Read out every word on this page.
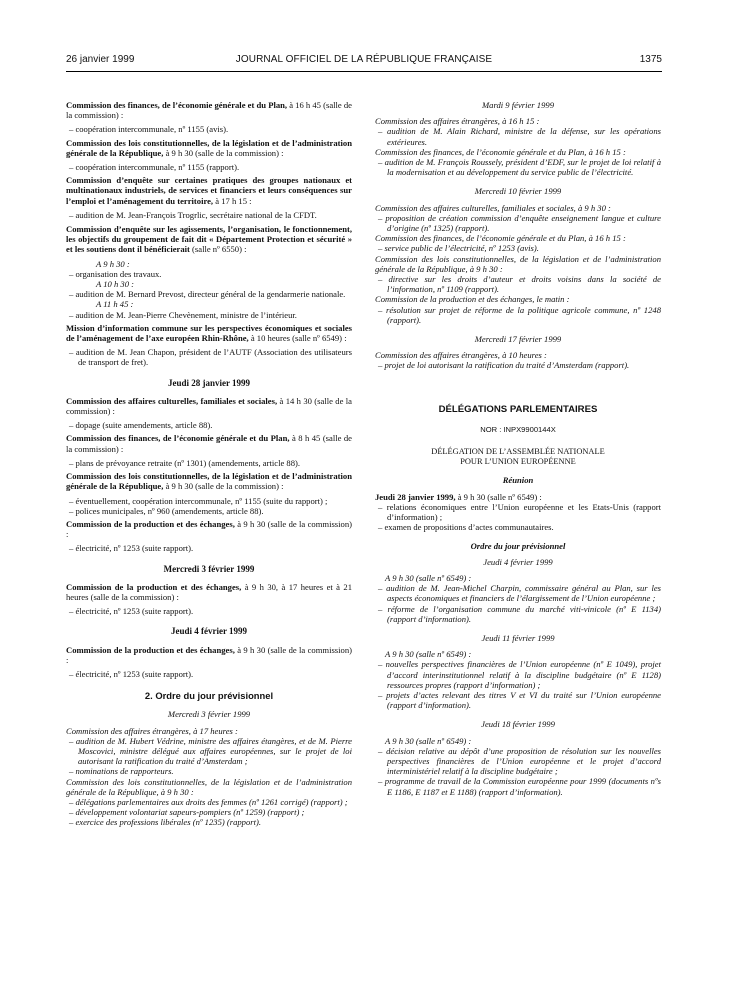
26 janvier 1999	JOURNAL OFFICIEL DE LA RÉPUBLIQUE FRANÇAISE	1375

Commission des finances, de l’économie générale et du Plan, à 16 h 45 (salle de la commission) :

– coopération intercommunale, nº 1155 (avis).

Commission des lois constitutionnelles, de la législation et de l’administration générale de la République, à 9 h 30 (salle de la commission) :

– coopération intercommunale, nº 1155 (rapport).

Commission d’enquête sur certaines pratiques des groupes nationaux et multinationaux industriels, de services et financiers et leurs conséquences sur l’emploi et l’aménagement du territoire, à 17 h 15 :

– audition de M. Jean-François Trogrlic, secrétaire national de la CFDT.

Commission d’enquête sur les agissements, l’organisation, le fonctionnement, les objectifs du groupement de fait dit « Département Protection et sécurité » et les soutiens dont il bénéficierait (salle nº 6550) :

A 9 h 30 :

– organisation des travaux.

A 10 h 30 :

– audition de M. Bernard Prevost, directeur général de la gendarmerie nationale.

A 11 h 45 :

– audition de M. Jean-Pierre Chevènement, ministre de l’intérieur.

Mission d’information commune sur les perspectives économiques et sociales de l’aménagement de l’axe européen Rhin-Rhône, à 10 heures (salle nº 6549) :

– audition de M. Jean Chapon, président de l’AUTF (Association des utilisateurs de transport de fret).

Jeudi 28 janvier 1999

Commission des affaires culturelles, familiales et sociales, à 14 h 30 (salle de la commission) :

– dopage (suite amendements, article 88).

Commission des finances, de l’économie générale et du Plan, à 8 h 45 (salle de la commission) :

– plans de prévoyance retraite (nº 1301) (amendements, article 88).

Commission des lois constitutionnelles, de la législation et de l’administration générale de la République, à 9 h 30 (salle de la commission) :

– éventuellement, coopération intercommunale, nº 1155 (suite du rapport) ;

– polices municipales, nº 960 (amendements, article 88).

Commission de la production et des échanges, à 9 h 30 (salle de la commission) :

– électricité, nº 1253 (suite rapport).

Mercredi 3 février 1999

Commission de la production et des échanges, à 9 h 30, à 17 heures et à 21 heures (salle de la commission) :

– électricité, nº 1253 (suite rapport).

Jeudi 4 février 1999

Commission de la production et des échanges, à 9 h 30 (salle de la commission) :

– électricité, nº 1253 (suite rapport).

2. Ordre du jour prévisionnel

Mercredi 3 février 1999

Commission des affaires étrangères, à 17 heures :

– audition de M. Hubert Védrine, ministre des affaires étangères, et de M. Pierre Moscovici, ministre délégué aux affaires européennes, sur le projet de loi autorisant la ratification du traité d’Amsterdam ;

– nominations de rapporteurs.

Commission des lois constitutionnelles, de la législation et de l’administration générale de la République, à 9 h 30 :

– délégations parlementaires aux droits des femmes (nº 1261 corrigé) (rapport) ;

– développement volontariat sapeurs-pompiers (nº 1259) (rapport) ;

– exercice des professions libérales (nº 1235) (rapport).

Mardi 9 février 1999

Commission des affaires étrangères, à 16 h 15 :

– audition de M. Alain Richard, ministre de la défense, sur les opérations extérieures.

Commission des finances, de l’économie générale et du Plan, à 16 h 15 :

– audition de M. François Roussely, président d’EDF, sur le projet de loi relatif à la modernisation et au développement du service public de l’électricité.

Mercredi 10 février 1999

Commission des affaires culturelles, familiales et sociales, à 9 h 30 :

– proposition de création commission d’enquête enseignement langue et culture d’origine (nº 1325) (rapport).

Commission des finances, de l’économie générale et du Plan, à 16 h 15 :

– service public de l’électricité, nº 1253 (avis).

Commission des lois constitutionnelles, de la législation et de l’administration générale de la République, à 9 h 30 :

– directive sur les droits d’auteur et droits voisins dans la société de l’information, nº 1109 (rapport).

Commission de la production et des échanges, le matin :

– résolution sur projet de réforme de la politique agricole commune, nº 1248 (rapport).

Mercredi 17 février 1999

Commission des affaires étrangères, à 10 heures :

– projet de loi autorisant la ratification du traité d’Amsterdam (rapport).

DÉLÉGATIONS PARLEMENTAIRES

NOR : INPX9900144X

DÉLÉGATION DE L’ASSEMBLÉE NATIONALE
POUR L’UNION EUROPÉENNE

Réunion

Jeudi 28 janvier 1999, à 9 h 30 (salle nº 6549) :

– relations économiques entre l’Union européenne et les Etats-Unis (rapport d’information) ;

– examen de propositions d’actes communautaires.

Ordre du jour prévisionnel

Jeudi 4 février 1999

A 9 h 30 (salle nº 6549) :

– audition de M. Jean-Michel Charpin, commissaire général au Plan, sur les aspects économiques et financiers de l’élargissement de l’Union européenne ;

– réforme de l’organisation commune du marché viti-vinicole (nº E 1134) (rapport d’information).

Jeudi 11 février 1999

A 9 h 30 (salle nº 6549) :

– nouvelles perspectives financières de l’Union européenne (nº E 1049), projet d’accord interinstitutionnel relatif à la discipline budgétaire (nº E 1128) ressources propres (rapport d’information) ;

– projets d’actes relevant des titres V et VI du traité sur l’Union européenne (rapport d’information).

Jeudi 18 février 1999

A 9 h 30 (salle nº 6549) :

– décision relative au dépôt d’une proposition de résolution sur les nouvelles perspectives financières de l’Union européenne et le projet d’accord interministériel relatif à la discipline budgétaire ;

– programme de travail de la Commission européenne pour 1999 (documents nºs E 1186, E 1187 et E 1188) (rapport d’information).
